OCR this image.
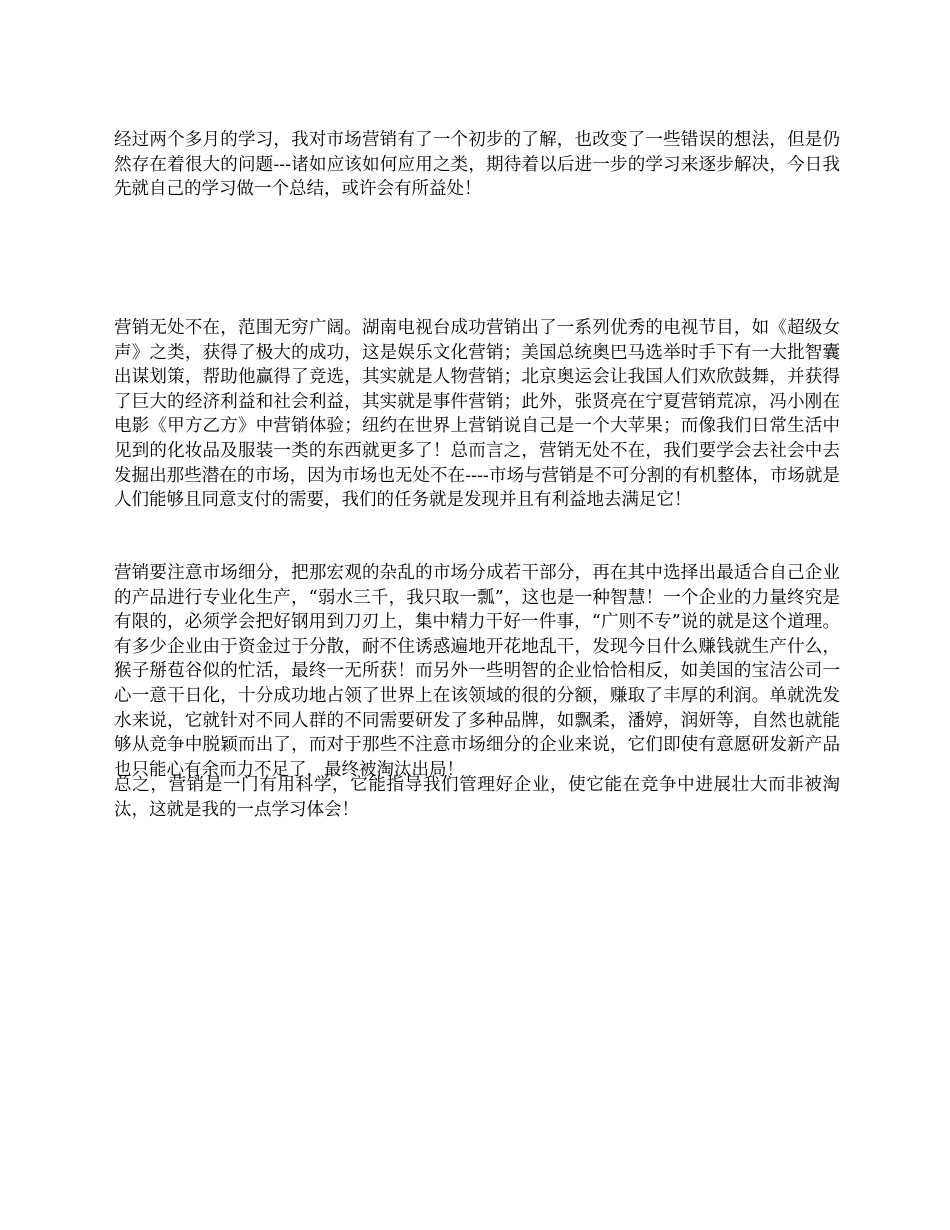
经过两个多月的学习，我对市场营销有了一个初步的了解，也改变了一些错误的想法，但是仍然存在着很大的问题---诸如应该如何应用之类，期待着以后进一步的学习来逐步解决，今日我先就自己的学习做一个总结，或许会有所益处！

营销无处不在，范围无穷广阔。湖南电视台成功营销出了一系列优秀的电视节目，如《超级女声》之类，获得了极大的成功，这是娱乐文化营销；美国总统奥巴马选举时手下有一大批智囊出谋划策，帮助他赢得了竞选，其实就是人物营销；北京奥运会让我国人们欢欣鼓舞，并获得了巨大的经济利益和社会利益，其实就是事件营销；此外，张贤亮在宁夏营销荒凉，冯小刚在电影《甲方乙方》中营销体验；纽约在世界上营销说自己是一个大苹果；而像我们日常生活中见到的化妆品及服装一类的东西就更多了！总而言之，营销无处不在，我们要学会去社会中去发掘出那些潜在的市场，因为市场也无处不在----市场与营销是不可分割的有机整体，市场就是人们能够且同意支付的需要，我们的任务就是发现并且有利益地去满足它！

营销要注意市场细分，把那宏观的杂乱的市场分成若干部分，再在其中选择出最适合自己企业的产品进行专业化生产，“弱水三千，我只取一瓢”，这也是一种智慧！一个企业的力量终究是有限的，必须学会把好钢用到刀刃上，集中精力干好一件事，“广则不专”说的就是这个道理。有多少企业由于资金过于分散，耐不住诱惑遍地开花地乱干，发现今日什么赚钱就生产什么，猴子掰苞谷似的忙活，最终一无所获！而另外一些明智的企业恰恰相反，如美国的宝洁公司一心一意干日化，十分成功地占领了世界上在该领域的很的分额，赚取了丰厚的利润。单就洗发水来说，它就针对不同人群的不同需要研发了多种品牌，如飘柔，潘婷，润妍等，自然也就能够从竞争中脱颖而出了，而对于那些不注意市场细分的企业来说，它们即使有意愿研发新产品也只能心有余而力不足了，最终被淘汰出局！

总之，营销是一门有用科学，它能指导我们管理好企业，使它能在竞争中进展壮大而非被淘汰，这就是我的一点学习体会！
